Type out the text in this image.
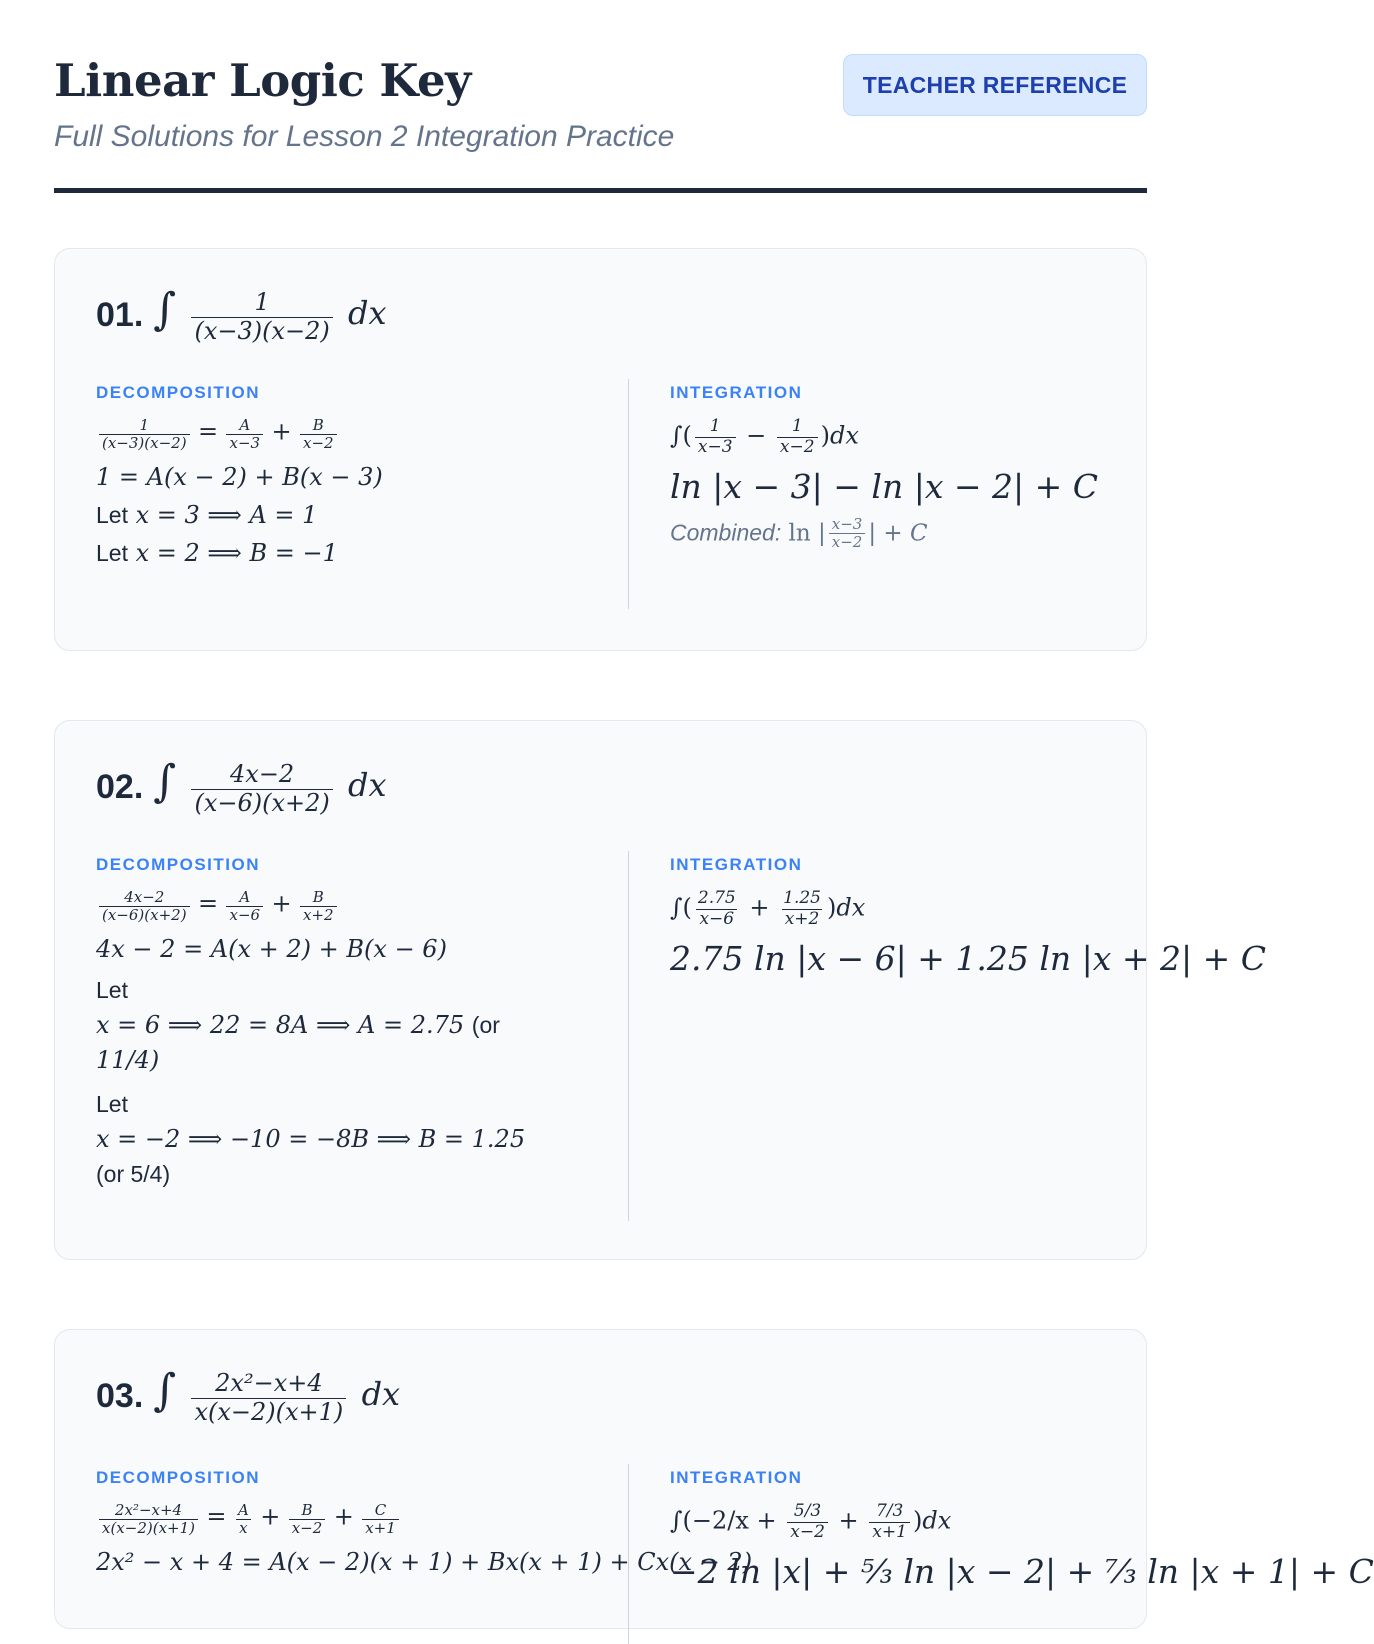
Linear Logic Key

Full Solutions for Lesson 2 Integration Practice

TEACHER REFERENCE
01. ∫ $\frac{1}{(x-3)(x-2)}$ dx
DECOMPOSITION
$\frac{1}{(x-3)(x-2)} = \frac{A}{x-3} + \frac{B}{x-2}$
1 = A(x − 2) + B(x − 3)
Let x = 3 ⟹ A = 1
Let x = 2 ⟹ B = −1
INTEGRATION
∫( $\frac{1}{x-3} - \frac{1}{x-2} )dx$
ln |x − 3| − ln |x − 2| + C
Combined: ln | $\frac{x-3}{x-2}$ | + C
02. ∫ $\frac{4x-2}{(x-6)(x+2)}$ dx
DECOMPOSITION
$\frac{4x-2}{(x-6)(x+2)} = \frac{A}{x-6} + \frac{B}{x+2}$
4x − 2 = A(x + 2) + B(x − 6)
Let
x = 6 ⟹ 22 = 8A ⟹ A = 2.75 (or
11/4)
Let
x = −2 ⟹ −10 = −8B ⟹ B = 1.25
(or 5/4)
INTEGRATION
∫( $\frac{2.75}{x-6} + \frac{1.25}{x+2} )dx$
2.75 ln |x − 6| + 1.25 ln |x + 2| + C
03. ∫ $\frac{\text{2x²−x+4}}{x(x-2)(x+1)}$ dx
DECOMPOSITION
$\frac{\text{2x²−x+4}}{x(x-2)(x+1)} = \frac{A}{x} + \frac{B}{x-2} + \frac{C}{x+1}$
2x² − x + 4 = A(x − 2)(x + 1) + Bx(x + 1) + Cx(x − 2)
INTEGRATION
$\int(-2/x + \frac{5/3}{x-2} + \frac{7/3}{x+1} )dx$
−2 ln |x| + ⁵⁄₃ ln |x − 2| + ⁷⁄₃ ln |x + 1| + C
